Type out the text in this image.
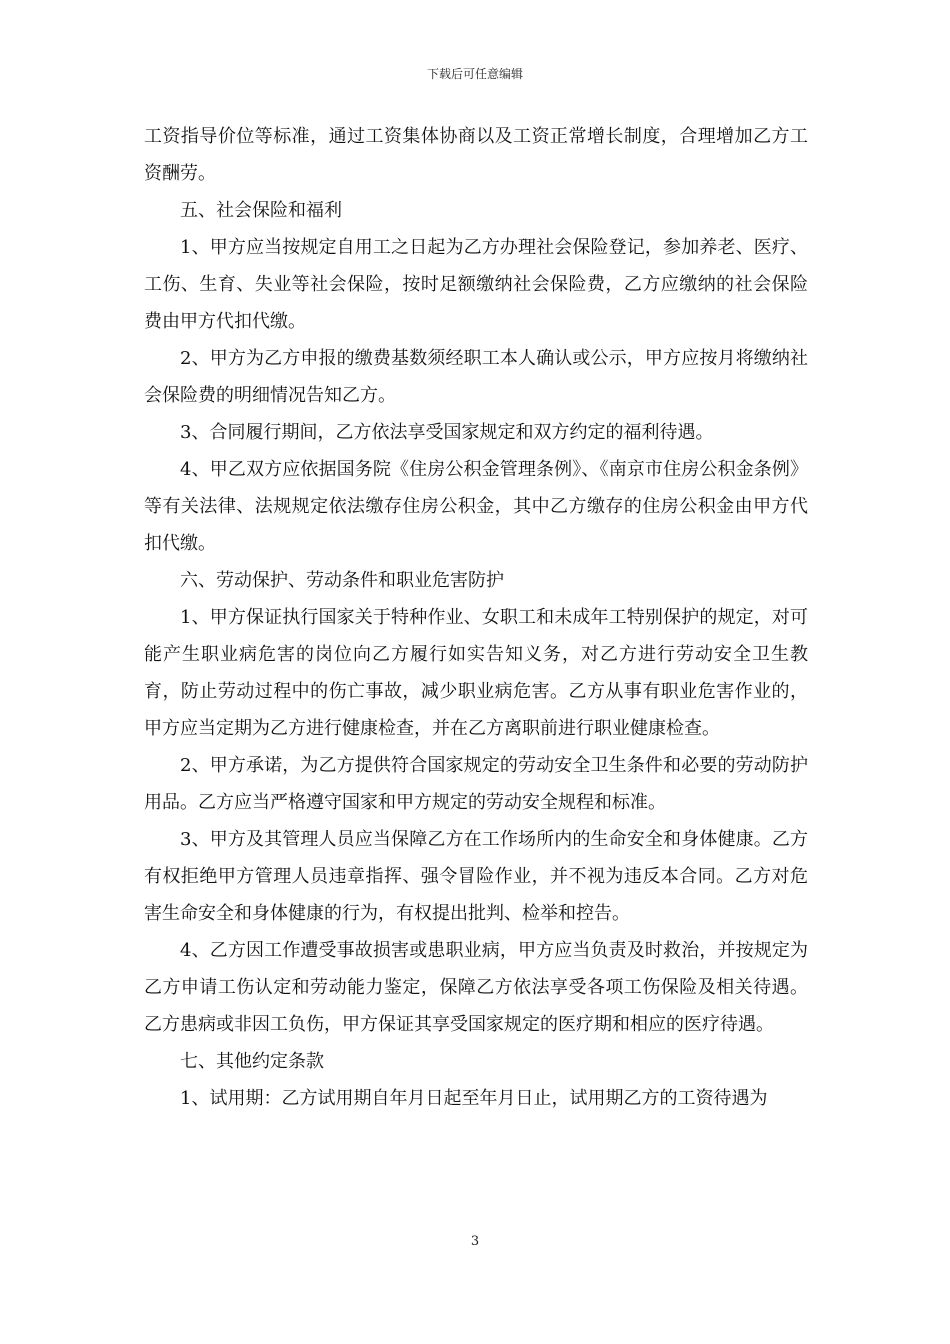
下载后可任意编辑

工资指导价位等标准，通过工资集体协商以及工资正常增长制度，合理增加乙方工资酬劳。

五、社会保险和福利

1、甲方应当按规定自用工之日起为乙方办理社会保险登记，参加养老、医疗、工伤、生育、失业等社会保险，按时足额缴纳社会保险费，乙方应缴纳的社会保险费由甲方代扣代缴。

2、甲方为乙方申报的缴费基数须经职工本人确认或公示，甲方应按月将缴纳社会保险费的明细情况告知乙方。

3、合同履行期间，乙方依法享受国家规定和双方约定的福利待遇。

4、甲乙双方应依据国务院《住房公积金管理条例》、《南京市住房公积金条例》等有关法律、法规规定依法缴存住房公积金，其中乙方缴存的住房公积金由甲方代扣代缴。

六、劳动保护、劳动条件和职业危害防护

1、甲方保证执行国家关于特种作业、女职工和未成年工特别保护的规定，对可能产生职业病危害的岗位向乙方履行如实告知义务，对乙方进行劳动安全卫生教育，防止劳动过程中的伤亡事故，减少职业病危害。乙方从事有职业危害作业的，甲方应当定期为乙方进行健康检查，并在乙方离职前进行职业健康检查。

2、甲方承诺，为乙方提供符合国家规定的劳动安全卫生条件和必要的劳动防护用品。乙方应当严格遵守国家和甲方规定的劳动安全规程和标准。

3、甲方及其管理人员应当保障乙方在工作场所内的生命安全和身体健康。乙方有权拒绝甲方管理人员违章指挥、强令冒险作业，并不视为违反本合同。乙方对危害生命安全和身体健康的行为，有权提出批判、检举和控告。

4、乙方因工作遭受事故损害或患职业病，甲方应当负责及时救治，并按规定为乙方申请工伤认定和劳动能力鉴定，保障乙方依法享受各项工伤保险及相关待遇。乙方患病或非因工负伤，甲方保证其享受国家规定的医疗期和相应的医疗待遇。

七、其他约定条款

1、试用期：乙方试用期自年月日起至年月日止，试用期乙方的工资待遇为

3
